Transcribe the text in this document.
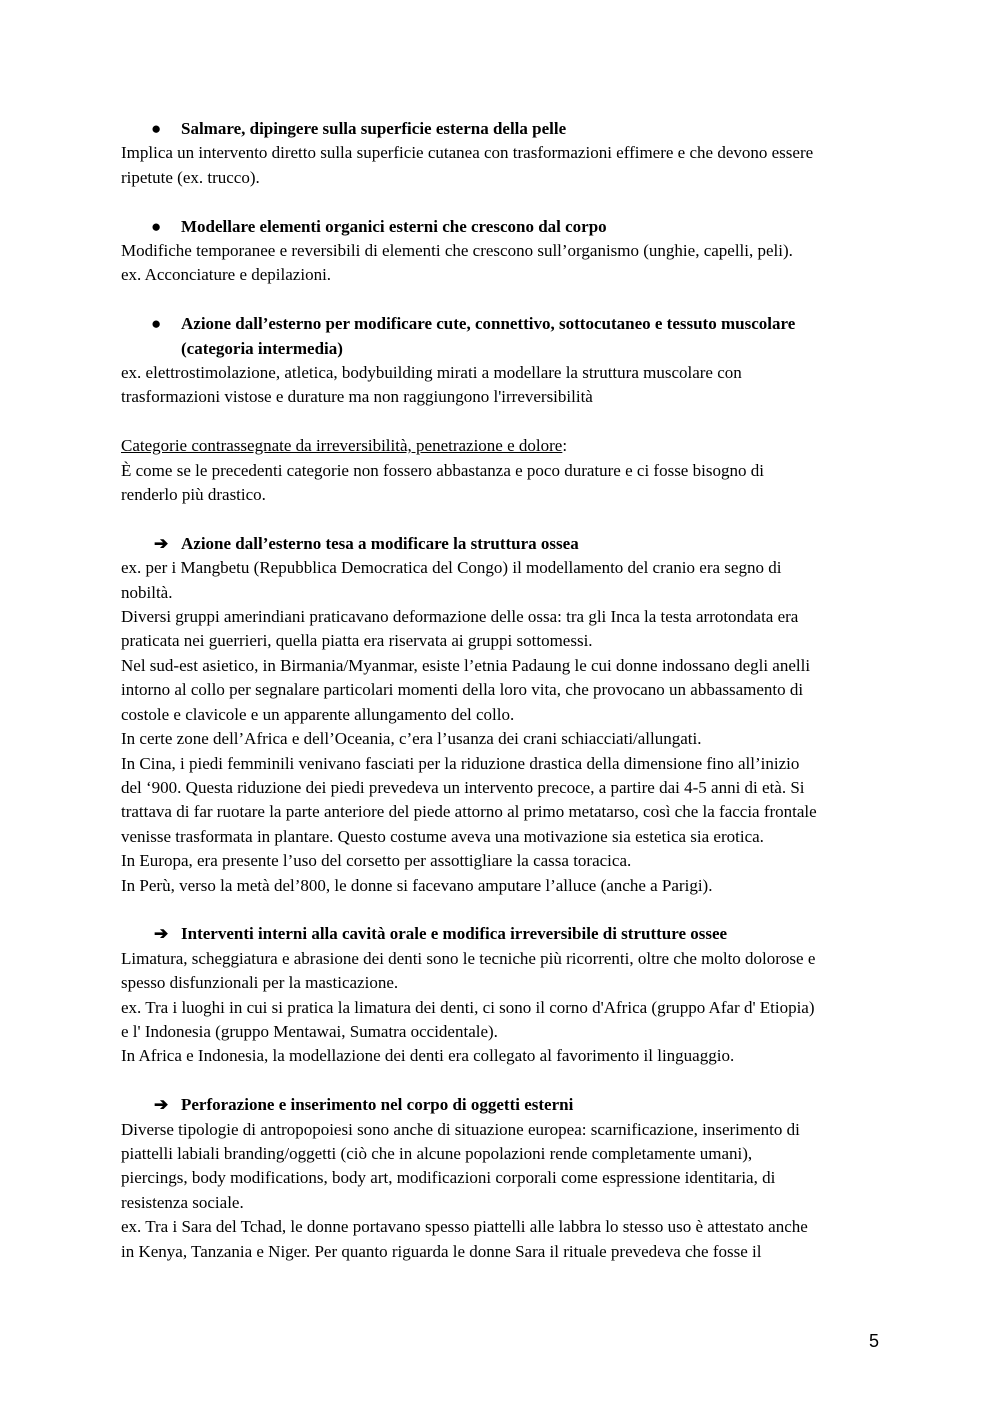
● Salmare, dipingere sulla superficie esterna della pelle
Implica un intervento diretto sulla superficie cutanea con trasformazioni effimere e che devono essere
ripetute (ex. trucco).
● Modellare elementi organici esterni che crescono dal corpo
Modifiche temporanee e reversibili di elementi che crescono sull’organismo (unghie, capelli, peli).
ex. Acconciature e depilazioni.
● Azione dall’esterno per modificare cute, connettivo, sottocutaneo e tessuto muscolare
(categoria intermedia)
ex. elettrostimolazione, atletica, bodybuilding mirati a modellare la struttura muscolare con
trasformazioni vistose e durature ma non raggiungono l'irreversibilità
Categorie contrassegnate da irreversibilità, penetrazione e dolore:
È come se le precedenti categorie non fossero abbastanza e poco durature e ci fosse bisogno di
renderlo più drastico.
➔ Azione dall’esterno tesa a modificare la struttura ossea
ex. per i Mangbetu (Repubblica Democratica del Congo) il modellamento del cranio era segno di
nobiltà.
Diversi gruppi amerindiani praticavano deformazione delle ossa: tra gli Inca la testa arrotondata era
praticata nei guerrieri, quella piatta era riservata ai gruppi sottomessi.
Nel sud-est asietico, in Birmania/Myanmar, esiste l’etnia Padaung le cui donne indossano degli anelli
intorno al collo per segnalare particolari momenti della loro vita, che provocano un abbassamento di
costole e clavicole e un apparente allungamento del collo.
In certe zone dell’Africa e dell’Oceania, c’era l’usanza dei crani schiacciati/allungati.
In Cina, i piedi femminili venivano fasciati per la riduzione drastica della dimensione fino all’inizio
del ‘900. Questa riduzione dei piedi prevedeva un intervento precoce, a partire dai 4-5 anni di età. Si
trattava di far ruotare la parte anteriore del piede attorno al primo metatarso, così che la faccia frontale
venisse trasformata in plantare. Questo costume aveva una motivazione sia estetica sia erotica.
In Europa, era presente l’uso del corsetto per assottigliare la cassa toracica.
In Perù, verso la metà del’800, le donne si facevano amputare l’alluce (anche a Parigi).
➔ Interventi interni alla cavità orale e modifica irreversibile di strutture ossee
Limatura, scheggiatura e abrasione dei denti sono le tecniche più ricorrenti, oltre che molto dolorose e
spesso disfunzionali per la masticazione.
ex. Tra i luoghi in cui si pratica la limatura dei denti, ci sono il corno d'Africa (gruppo Afar d' Etiopia)
e l' Indonesia (gruppo Mentawai, Sumatra occidentale).
In Africa e Indonesia, la modellazione dei denti era collegato al favorimento il linguaggio.
➔ Perforazione e inserimento nel corpo di oggetti esterni
Diverse tipologie di antropopoiesi sono anche di situazione europea: scarnificazione, inserimento di
piattelli labiali branding/oggetti (ciò che in alcune popolazioni rende completamente umani),
piercings, body modifications, body art, modificazioni corporali come espressione identitaria, di
resistenza sociale.
ex. Tra i Sara del Tchad, le donne portavano spesso piattelli alle labbra lo stesso uso è attestato anche
in Kenya, Tanzania e Niger. Per quanto riguarda le donne Sara il rituale prevedeva che fosse il
5
